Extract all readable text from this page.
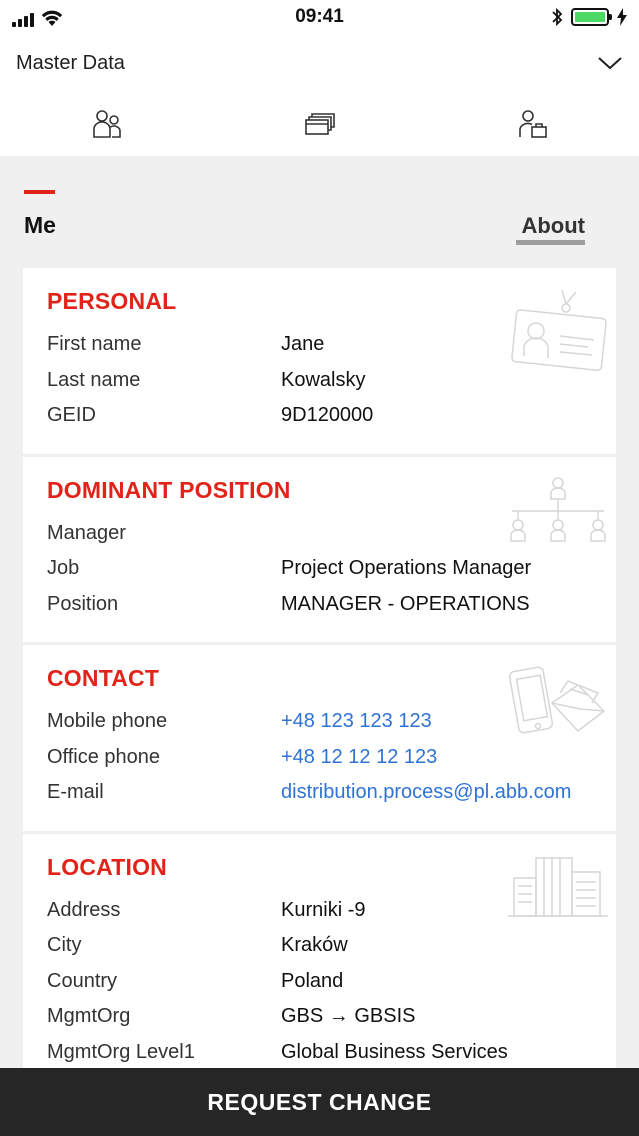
09:41
Master Data
Me	About
PERSONAL
First name	Jane
Last name	Kowalsky
GEID	9D120000
DOMINANT POSITION
Manager
Job	Project Operations Manager
Position	MANAGER - OPERATIONS
CONTACT
Mobile phone	+48 123 123 123
Office phone	+48 12 12 12 123
E-mail	distribution.process@pl.abb.com
LOCATION
Address	Kurniki -9
City	Kraków
Country	Poland
MgmtOrg	GBS → GBSIS
MgmtOrg Level1	Global Business Services
REQUEST CHANGE
